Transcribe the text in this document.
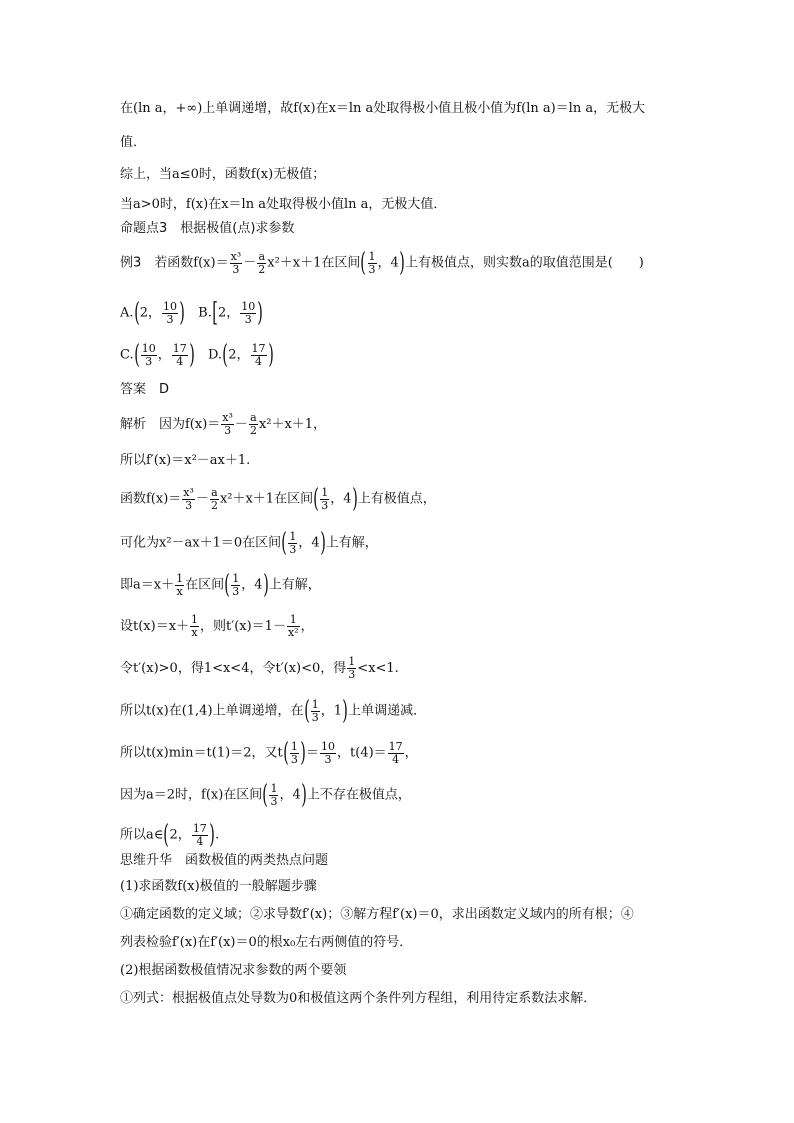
在(ln a，+∞)上单调递增，故f(x)在x＝ln a处取得极小值且极小值为f(ln a)＝ln a，无极大
值．
综上，当a≤0时，函数f(x)无极值；
当a>0时，f(x)在x＝ln a处取得极小值ln a，无极大值．
命题点3　根据极值(点)求参数
例3　 若函数$f(x)= \frac{\text{x³}}{3} - \frac{a}{2} x^2+x+1$在区间( $\frac{1}{3}$ ，4)上有极值点，则实数a的取值范围是(　　)
A.(2， $\frac{10}{3}$ )　 B.[2， $\frac{10}{3}$ )
$C.( \frac{10}{3}$ ， $\frac{17}{4}$ )　 D.(2， $\frac{17}{4}$ )
答案　D
解析　因为$f(x)= \frac{\text{x³}}{3} - \frac{a}{2} x^2+x+1$，
所以f′(x)＝x²－ax＋1.
函数$f(x)= \frac{\text{x³}}{3} - \frac{a}{2} x^2+x+1$在区间( $\frac{1}{3}$ ，4)上有极值点，
可化为x²－ax＋1＝0在区间( $\frac{1}{3}$ ，4)上有解，
即$a=x+ \frac{1}{x}$ 在区间( $\frac{1}{3}$ ，4)上有解，
设$t(x)=x+ \frac{1}{x}$ ，则$t'(x)=1- \frac{1}{\text{x²}}$ ，
令t′(x)>0，得1<x<4，令t′(x)<0，得 $\frac{1}{3} <x<1$.
所以t(x)在(1,4)上单调递增，在( $\frac{1}{3}$ ，1)上单调递减．
所以t(x)min＝t(1)＝2，又$t( \frac{1}{3}$ )＝ $\frac{10}{3}$ ，$t(4)= \frac{17}{4}$ ，
因为a＝2时，f(x)在区间( $\frac{1}{3}$ ，4)上不存在极值点，
所以a∈(2， $\frac{17}{4}$ ).
思维升华　函数极值的两类热点问题
(1)求函数f(x)极值的一般解题步骤
①确定函数的定义域；②求导数f′(x)；③解方程f′(x)＝0，求出函数定义域内的所有根；④
列表检验f′(x)在f′(x)＝0的根x₀左右两侧值的符号．
(2)根据函数极值情况求参数的两个要领
①列式：根据极值点处导数为0和极值这两个条件列方程组，利用待定系数法求解．
